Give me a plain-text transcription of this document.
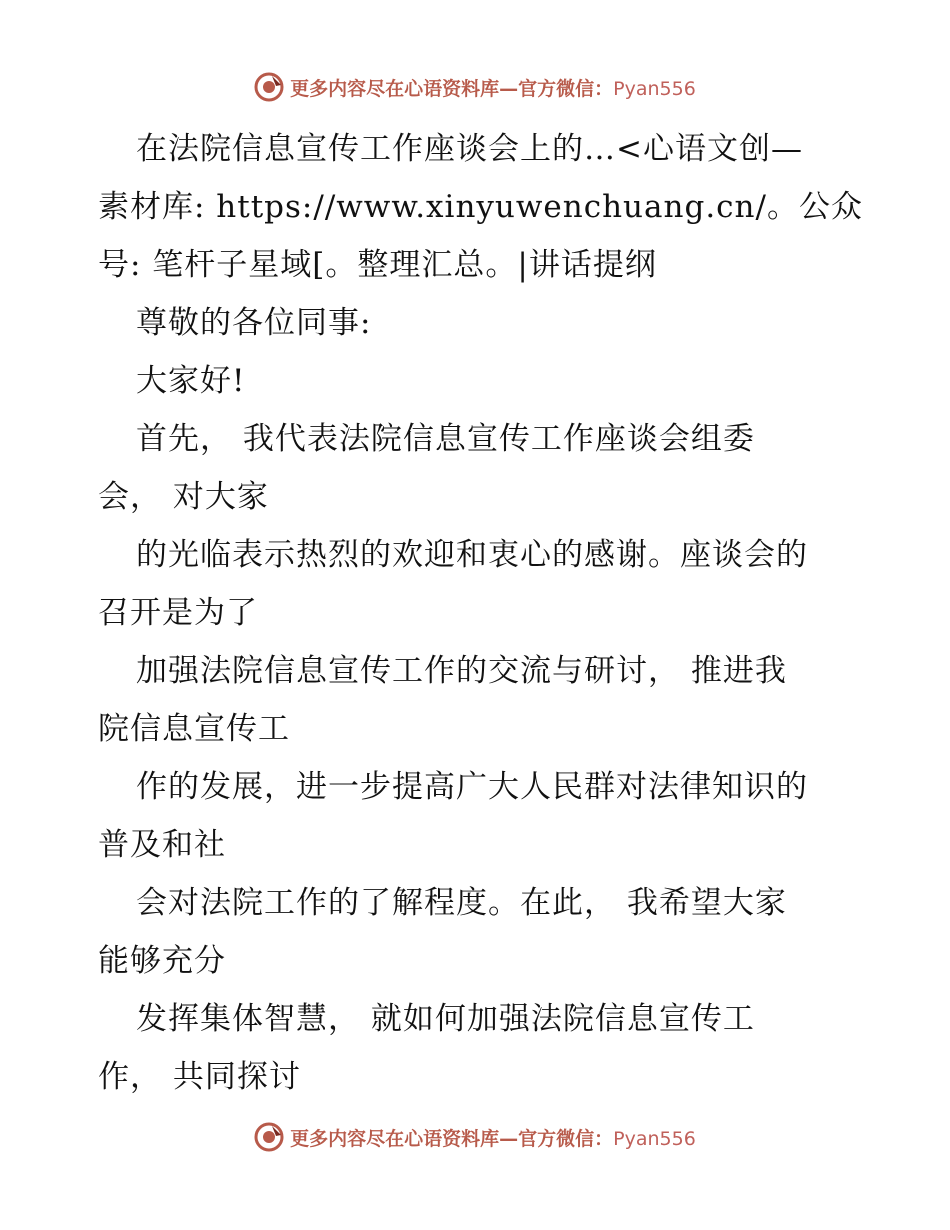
更多内容尽在心语资料库—官方微信：Pyan556
在法院信息宣传工作座谈会上的…<心语文创—
素材库: https://www.xinyuwenchuang.cn/。公众
号: 笔杆子星域[。整理汇总。|讲话提纲
尊敬的各位同事:
大家好!
首先， 我代表法院信息宣传工作座谈会组委
会， 对大家
的光临表示热烈的欢迎和衷心的感谢。座谈会的
召开是为了
加强法院信息宣传工作的交流与研讨， 推进我
院信息宣传工
作的发展，进一步提高广大人民群对法律知识的
普及和社
会对法院工作的了解程度。在此， 我希望大家
能够充分
发挥集体智慧， 就如何加强法院信息宣传工
作， 共同探讨
更多内容尽在心语资料库—官方微信：Pyan556
